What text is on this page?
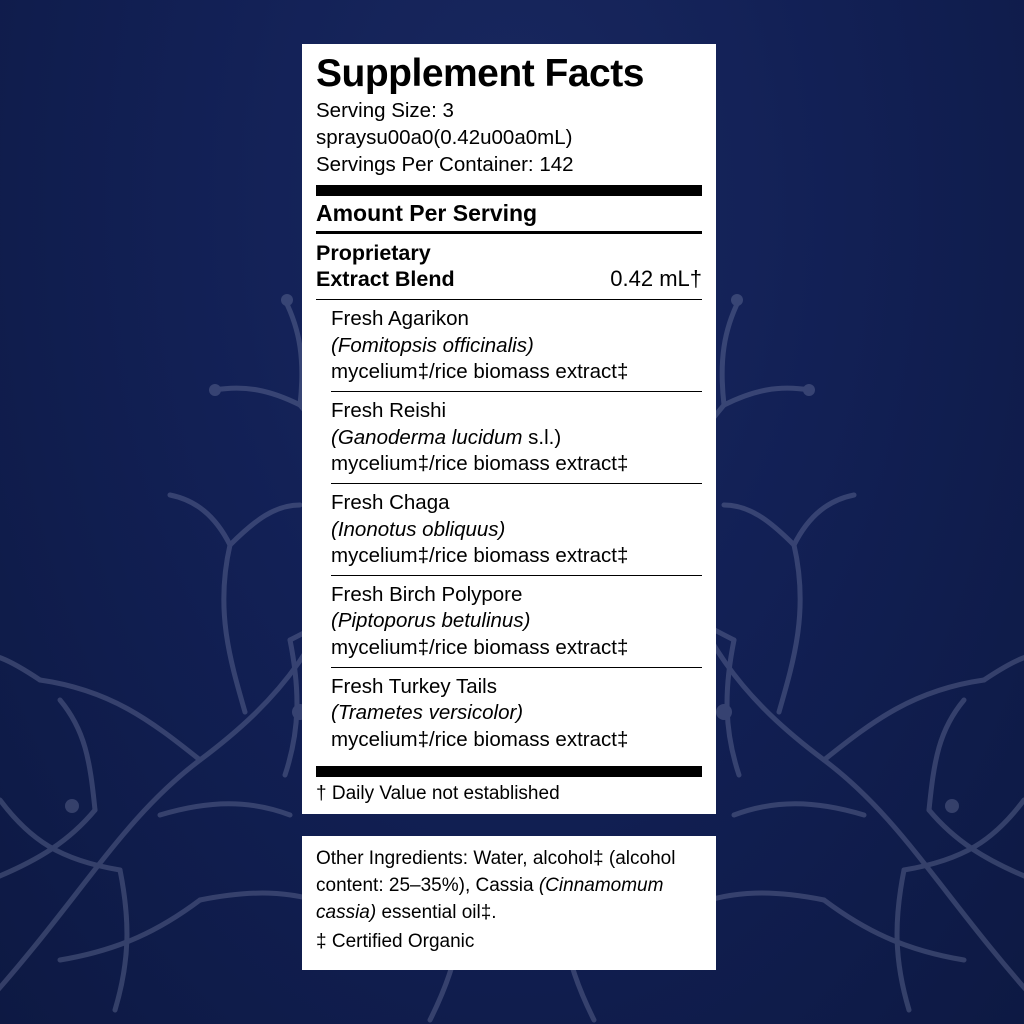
Supplement Facts
Serving Size: 3 spraysu00a0(0.42u00a0mL)
Servings Per Container: 142
Amount Per Serving
Proprietary
Extract Blend	0.42 mL†
Fresh Agarikon
(Fomitopsis officinalis)
mycelium‡/rice biomass extract‡
Fresh Reishi
(Ganoderma lucidum s.l.)
mycelium‡/rice biomass extract‡
Fresh Chaga
(Inonotus obliquus)
mycelium‡/rice biomass extract‡
Fresh Birch Polypore
(Piptoporus betulinus)
mycelium‡/rice biomass extract‡
Fresh Turkey Tails
(Trametes versicolor)
mycelium‡/rice biomass extract‡
† Daily Value not established
Other Ingredients: Water, alcohol‡ (alcohol content: 25–35%), Cassia (Cinnamomum cassia) essential oil‡.
‡ Certified Organic
